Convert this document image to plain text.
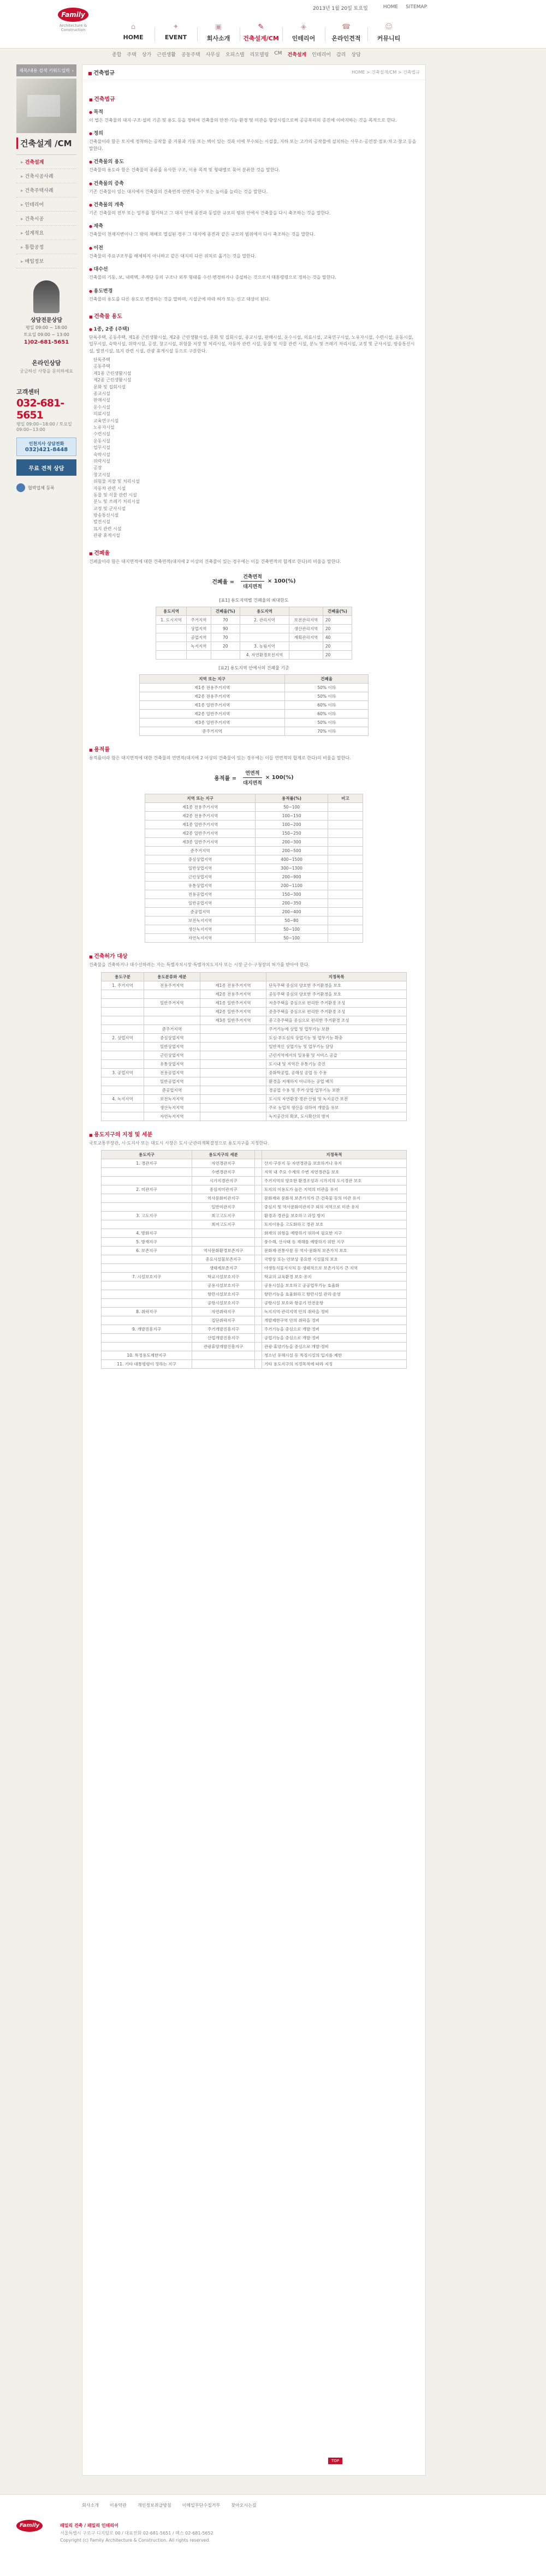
Family
Architecture & Construction
2013년 1월 20일 토요일	HOME SITEMAP
⌂
HOME
✦
EVENT
▣
회사소개
✎
건축설계/CM
◈
인테리어
☎
온라인견적
☺
커뮤니티
종합 주택 상가 근린생활 공동주택 사무실 오피스텔 리모델링 CM 건축설계 인테리어 감리 상담
제목/내용 검색 키워드입력 ›
건축설계 /CM
▸ 건축설계
▸ 건축시공사례
▸ 건축주택사례
▸ 인테리어
▸ 건축시공
▸ 설계적요
▸ 통합공정
▸ 매입정보
상담전문상담
평일 09:00 ~ 18:00
토요일 09:00 ~ 13:00
1)02-681-5651
온라인상담
궁금하신 사항을 문의하세요
고객센터
032-681-5651
평일 09:00~18:00 / 토요일 09:00~13:00
인천지사 상담전화
032)421-8448
무료 견적 상담
협력업체 등록
■ 건축법규	HOME > 건축설계/CM > 건축법규
■ 건축법규
● 목적
이 법은 건축물의 대지·구조·설비 기준 및 용도 등을 정하여 건축물의 안전·기능·환경 및 미관을 향상시킴으로써 공공복리의 증진에 이바지하는 것을 목적으로 한다.
● 정의
건축물이라 함은 토지에 정착하는 공작물 중 지붕과 기둥 또는 벽이 있는 것과 이에 부수되는 시설물, 지하 또는 고가의 공작물에 설치하는 사무소·공연장·점포·차고·창고 등을 말한다.
● 건축물의 용도
건축물의 용도라 함은 건축물의 종류를 유사한 구조, 이용 목적 및 형태별로 묶어 분류한 것을 말한다.
● 건축물의 증축
기존 건축물이 있는 대지에서 건축물의 건축면적·연면적·층수 또는 높이를 늘리는 것을 말한다.
● 건축물의 개축
기존 건축물의 전부 또는 일부를 철거하고 그 대지 안에 종전과 동일한 규모의 범위 안에서 건축물을 다시 축조하는 것을 말한다.
● 재축
건축물이 천재지변이나 그 밖의 재해로 멸실된 경우 그 대지에 종전과 같은 규모의 범위에서 다시 축조하는 것을 말한다.
● 이전
건축물의 주요구조부를 해체하지 아니하고 같은 대지의 다른 위치로 옮기는 것을 말한다.
● 대수선
건축물의 기둥, 보, 내력벽, 주계단 등의 구조나 외부 형태를 수선·변경하거나 증설하는 것으로서 대통령령으로 정하는 것을 말한다.
● 용도변경
건축물의 용도를 다른 용도로 변경하는 것을 말하며, 시설군에 따라 허가 또는 신고 대상이 된다.
■ 건축물 용도
● 1종, 2종 (주택)
단독주택, 공동주택, 제1종 근린생활시설, 제2종 근린생활시설, 문화 및 집회시설, 종교시설, 판매시설, 운수시설, 의료시설, 교육연구시설, 노유자시설, 수련시설, 운동시설, 업무시설, 숙박시설, 위락시설, 공장, 창고시설, 위험물 저장 및 처리시설, 자동차 관련 시설, 동물 및 식물 관련 시설, 분뇨 및 쓰레기 처리시설, 교정 및 군사시설, 방송통신시설, 발전시설, 묘지 관련 시설, 관광 휴게시설 등으로 구분한다.
단독주택
공동주택
제1종 근린생활시설
제2종 근린생활시설
문화 및 집회시설
종교시설
판매시설
운수시설
의료시설
교육연구시설
노유자시설
수련시설
운동시설
업무시설
숙박시설
위락시설
공장
창고시설
위험물 저장 및 처리시설
자동차 관련 시설
동물 및 식물 관련 시설
분뇨 및 쓰레기 처리시설
교정 및 군사시설
방송통신시설
발전시설
묘지 관련 시설
관광 휴게시설
■ 건폐율
건폐율이라 함은 대지면적에 대한 건축면적(대지에 2 이상의 건축물이 있는 경우에는 이들 건축면적의 합계로 한다)의 비율을 말한다.
건폐율 = $\frac{\text{건축면적}}{\text{대지면적}} \times 100(\%)$
[표1] 용도지역별 건폐율의 최대한도
용도지역		건폐율(%)	용도지역		건폐율(%)
1. 도시지역	주거지역	70	2. 관리지역	보전관리지역	20
	상업지역	90		생산관리지역	20
	공업지역	70		계획관리지역	40
	녹지지역	20	3. 농림지역		20
			4. 자연환경보전지역		20
[표2] 용도지역 안에서의 건폐율 기준
지역 또는 지구	건폐율
제1종 전용주거지역	50% 이하
제2종 전용주거지역	50% 이하
제1종 일반주거지역	60% 이하
제2종 일반주거지역	60% 이하
제3종 일반주거지역	50% 이하
준주거지역	70% 이하
■ 용적률
용적률이라 함은 대지면적에 대한 건축물의 연면적(대지에 2 이상의 건축물이 있는 경우에는 이들 연면적의 합계로 한다)의 비율을 말한다.
용적률 = $\frac{\text{연면적}}{\text{대지면적}} \times 100(\%)$
지역 또는 지구	용적률(%)	비고
제1종 전용주거지역	50~100	
제2종 전용주거지역	100~150	
제1종 일반주거지역	100~200	
제2종 일반주거지역	150~250	
제3종 일반주거지역	200~300	
준주거지역	200~500	
중심상업지역	400~1500	
일반상업지역	300~1300	
근린상업지역	200~900	
유통상업지역	200~1100	
전용공업지역	150~300	
일반공업지역	200~350	
준공업지역	200~400	
보전녹지지역	50~80	
생산녹지지역	50~100	
자연녹지지역	50~100	
■ 건축허가 대상
건축물을 건축하거나 대수선하려는 자는 특별자치시장·특별자치도지사 또는 시장·군수·구청장의 허가를 받아야 한다.
용도구분	용도분류와 세분		지정목록
1. 주거지역	전용주거지역	제1종 전용주거지역	단독주택 중심의 양호한 주거환경을 보호
		제2종 전용주거지역	공동주택 중심의 양호한 주거환경을 보호
	일반주거지역	제1종 일반주거지역	저층주택을 중심으로 편리한 주거환경 조성
		제2종 일반주거지역	중층주택을 중심으로 편리한 주거환경 조성
		제3종 일반주거지역	중고층주택을 중심으로 편리한 주거환경 조성
	준주거지역		주거기능에 상업 및 업무기능 보완
2. 상업지역	중심상업지역		도심·부도심의 상업기능 및 업무기능 확충
	일반상업지역		일반적인 상업기능 및 업무기능 담당
	근린상업지역		근린지역에서의 일용품 및 서비스 공급
	유통상업지역		도시내 및 지역간 유통기능 증진
3. 공업지역	전용공업지역		중화학공업, 공해성 공업 등 수용
	일반공업지역		환경을 저해하지 아니하는 공업 배치
	준공업지역		경공업 수용 및 주거·상업·업무기능 보완
4. 녹지지역	보전녹지지역		도시의 자연환경·경관·산림 및 녹지공간 보전
	생산녹지지역		주로 농업적 생산을 위하여 개발을 유보
	자연녹지지역		녹지공간의 확보, 도시확산의 방지
■ 용도지구의 지정 및 세분
국토교통부장관, 시·도지사 또는 대도시 시장은 도시·군관리계획결정으로 용도지구를 지정한다.
용도지구	용도지구의 세분		지정목적
1. 경관지구	자연경관지구		산지·구릉지 등 자연경관을 보호하거나 유지
	수변경관지구		지역 내 주요 수계의 수변 자연경관을 보호
	시가지경관지구		주거지역의 양호한 환경조성과 시가지의 도시경관 보호
2. 미관지구	중심지미관지구		토지의 이용도가 높은 지역의 미관을 유지
	역사문화미관지구		문화재와 문화적 보존가치가 큰 건축물 등의 미관 유지
	일반미관지구		중심지 및 역사문화미관지구 외의 지역으로 미관 유지
3. 고도지구	최고고도지구		환경과 경관을 보호하고 과밀 방지
	최저고도지구		토지이용을 고도화하고 경관 보호
4. 방화지구			화재의 위험을 예방하기 위하여 필요한 지구
5. 방재지구			풍수해, 산사태 등 재해를 예방하기 위한 지구
6. 보존지구	역사문화환경보존지구		문화재·전통사찰 등 역사·문화적 보존가치 보호
	중요시설물보존지구		국방상 또는 안보상 중요한 시설물의 보호
	생태계보존지구		야생동식물서식처 등 생태적으로 보존가치가 큰 지역
7. 시설보호지구	학교시설보호지구		학교의 교육환경 보호·유지
	공용시설보호지구		공용시설을 보호하고 공공업무기능 효율화
	항만시설보호지구		항만기능을 효율화하고 항만시설 관리·운영
	공항시설보호지구		공항시설 보호와 항공기 안전운항
8. 취락지구	자연취락지구		녹지지역·관리지역 안의 취락을 정비
	집단취락지구		개발제한구역 안의 취락을 정비
9. 개발진흥지구	주거개발진흥지구		주거기능을 중심으로 개발·정비
	산업개발진흥지구		공업기능을 중심으로 개발·정비
	관광휴양개발진흥지구		관광·휴양기능을 중심으로 개발·정비
10. 특정용도제한지구			청소년 유해시설 등 특정시설의 입지를 제한
11. 기타 대통령령이 정하는 지구			기타 용도지구의 지정목적에 따라 지정
TOP
회사소개	이용약관	개인정보취급방침	이메일무단수집거부	찾아오시는길
Family	패밀리 건축 / 패밀리 인테리어
서울특별시 구로구 디지털로 00 / 대표전화 02-681-5651 / 팩스 02-681-5652
Copyright (c) Family Architecture & Construction. All rights reserved.
